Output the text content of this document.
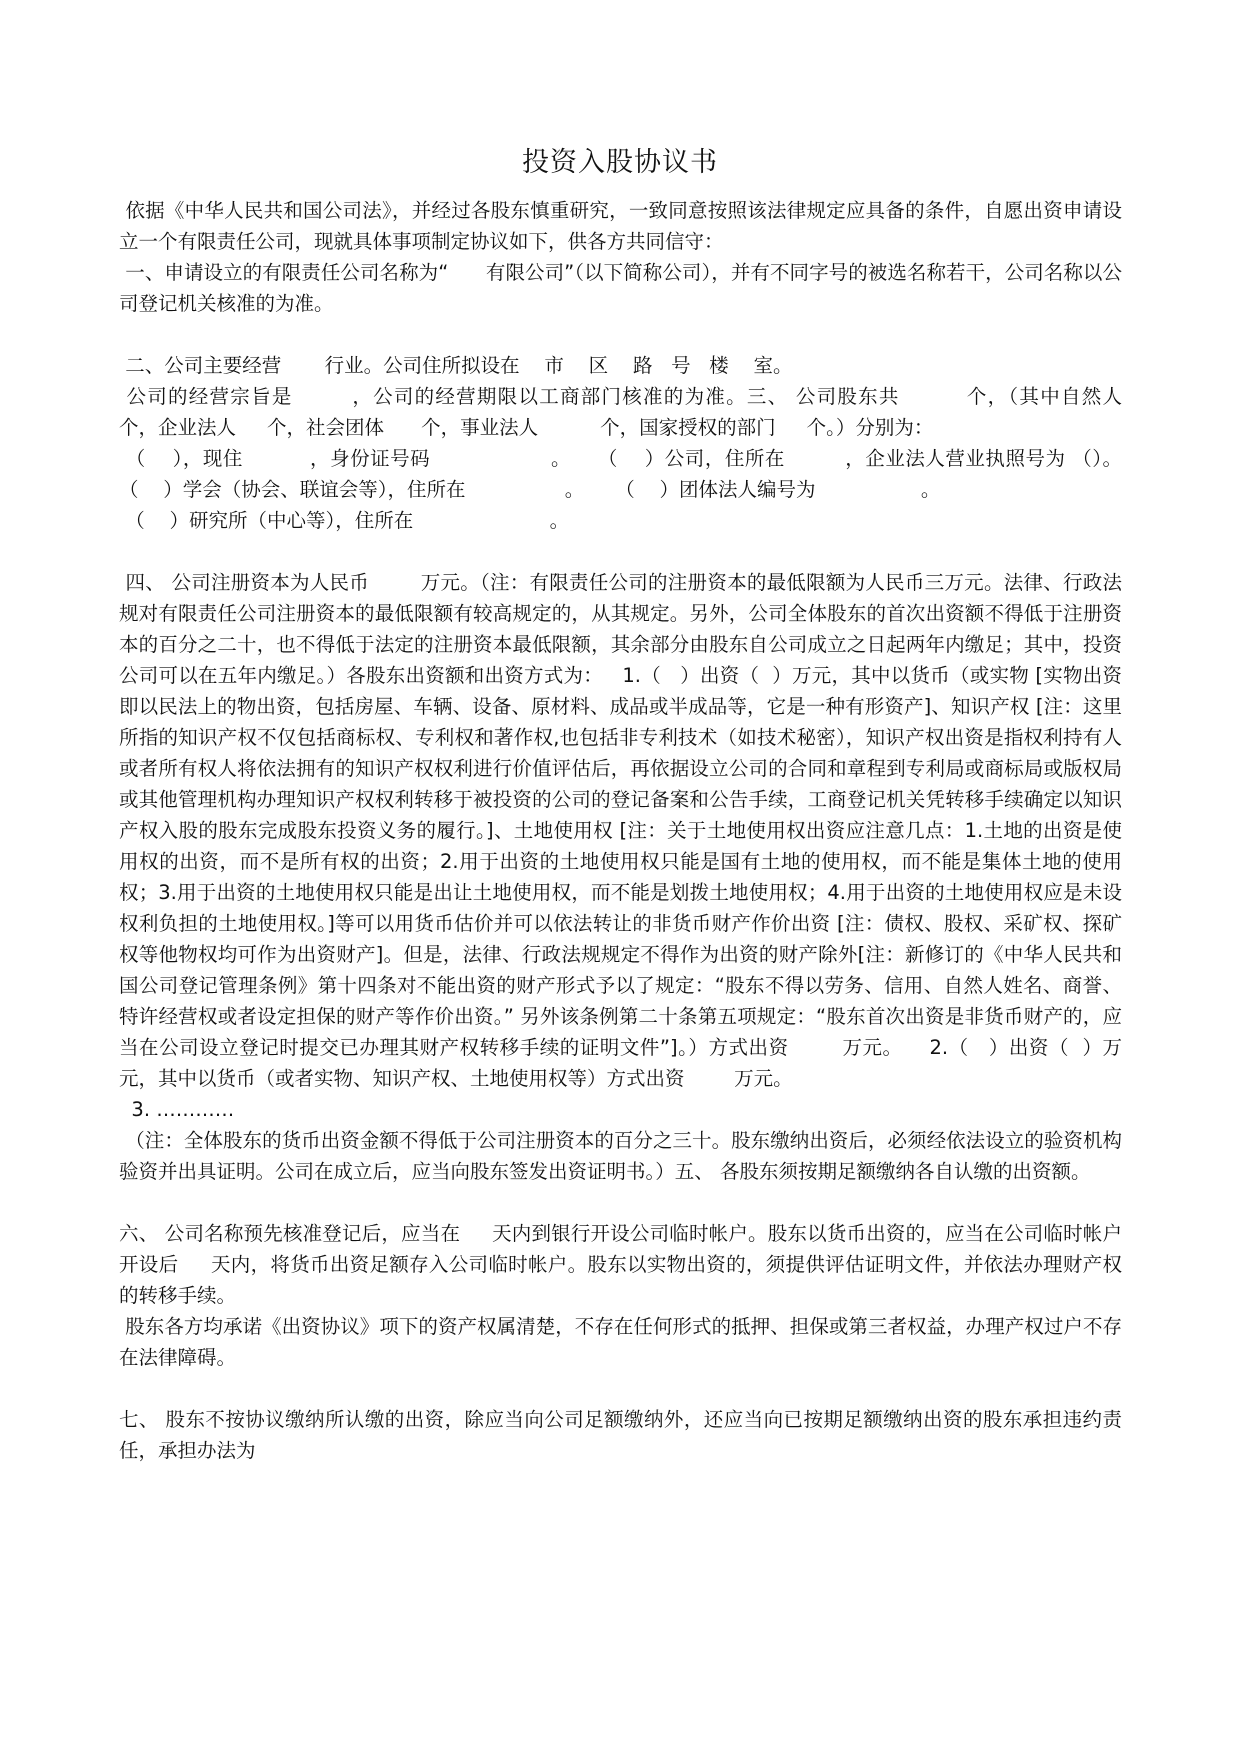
投资入股协议书

依据《中华人民共和国公司法》，并经过各股东慎重研究，一致同意按照该法律规定应具备的条件，自愿出资申请设立一个有限责任公司，现就具体事项制定协议如下，供各方共同信守：

一、申请设立的有限责任公司名称为“      有限公司”（以下简称公司），并有不同字号的被选名称若干，公司名称以公司登记机关核准的为准。

二、公司主要经营       行业。公司住所拟设在    市    区    路   号   楼    室。

公司的经营宗旨是        ，公司的经营期限以工商部门核准的为准。三、 公司股东共         个，（其中自然人       个，企业法人     个，社会团体      个，事业法人          个，国家授权的部门     个。）分别为：

（    ），现住          ，身份证号码                  。    （    ）公司，住所在         ，企业法人营业执照号为 （）。     （    ）学会（协会、联谊会等），住所在                。     （    ）团体法人编号为                 。

（    ）研究所（中心等），住所在                      。

四、 公司注册资本为人民币        万元。（注：有限责任公司的注册资本的最低限额为人民币三万元。法律、行政法规对有限责任公司注册资本的最低限额有较高规定的，从其规定。另外，公司全体股东的首次出资额不得低于注册资本的百分之二十，也不得低于法定的注册资本最低限额，其余部分由股东自公司成立之日起两年内缴足；其中，投资公司可以在五年内缴足。）各股东出资额和出资方式为：   1.（   ）出资（  ）万元，其中以货币（或实物 [实物出资即以民法上的物出资，包括房屋、车辆、设备、原材料、成品或半成品等，它是一种有形资产]、知识产权 [注：这里所指的知识产权不仅包括商标权、专利权和著作权,也包括非专利技术（如技术秘密），知识产权出资是指权利持有人或者所有权人将依法拥有的知识产权权利进行价值评估后，再依据设立公司的合同和章程到专利局或商标局或版权局或其他管理机构办理知识产权权利转移于被投资的公司的登记备案和公告手续，工商登记机关凭转移手续确定以知识产权入股的股东完成股东投资义务的履行。]、土地使用权 [注：关于土地使用权出资应注意几点：1.土地的出资是使用权的出资，而不是所有权的出资；2.用于出资的土地使用权只能是国有土地的使用权，而不能是集体土地的使用权；3.用于出资的土地使用权只能是出让土地使用权，而不能是划拨土地使用权；4.用于出资的土地使用权应是未设权利负担的土地使用权。]等可以用货币估价并可以依法转让的非货币财产作价出资 [注：债权、股权、采矿权、探矿权等他物权均可作为出资财产]。但是，法律、行政法规规定不得作为出资的财产除外[注：新修订的《中华人民共和国公司登记管理条例》第十四条对不能出资的财产形式予以了规定：“股东不得以劳务、信用、自然人姓名、商誉、特许经营权或者设定担保的财产等作价出资。” 另外该条例第二十条第五项规定：“股东首次出资是非货币财产的，应当在公司设立登记时提交已办理其财产权转移手续的证明文件”]。）方式出资        万元。    2.（   ）出资（  ）万元，其中以货币（或者实物、知识产权、土地使用权等）方式出资        万元。

3. …………

（注：全体股东的货币出资金额不得低于公司注册资本的百分之三十。股东缴纳出资后，必须经依法设立的验资机构验资并出具证明。公司在成立后，应当向股东签发出资证明书。）五、 各股东须按期足额缴纳各自认缴的出资额。

六、 公司名称预先核准登记后，应当在     天内到银行开设公司临时帐户。股东以货币出资的，应当在公司临时帐户开设后     天内，将货币出资足额存入公司临时帐户。股东以实物出资的，须提供评估证明文件，并依法办理财产权的转移手续。

股东各方均承诺《出资协议》项下的资产权属清楚，不存在任何形式的抵押、担保或第三者权益，办理产权过户不存在法律障碍。

七、 股东不按协议缴纳所认缴的出资，除应当向公司足额缴纳外，还应当向已按期足额缴纳出资的股东承担违约责任，承担办法为
